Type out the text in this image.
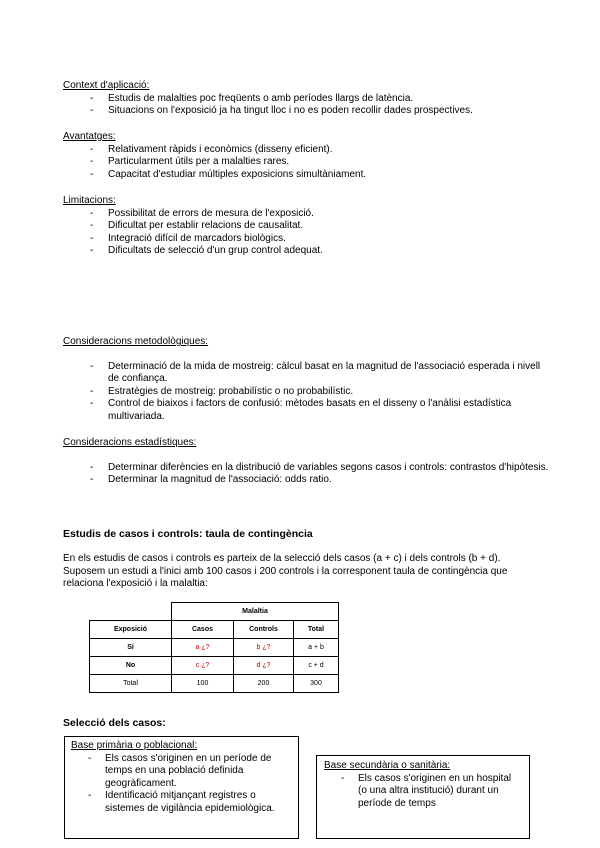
Context d'aplicació:
- Estudis de malalties poc freqüents o amb períodes llargs de latència.
- Situacions on l'exposició ja ha tingut lloc i no es poden recollir dades prospectives.
Avantatges:
- Relativament ràpids i econòmics (disseny eficient).
- Particularment útils per a malalties rares.
- Capacitat d'estudiar múltiples exposicions simultàniament.
Limitacions:
- Possibilitat de errors de mesura de l'exposició.
- Dificultat per establir relacions de causalitat.
- Integració difícil de marcadors biològics.
- Dificultats de selecció d'un grup control adequat.
Consideracions metodològiques:
- Determinació de la mida de mostreig: càlcul basat en la magnitud de l'associació esperada i nivell de confiança.
- Estratègies de mostreig: probabilístic o no probabilístic.
- Control de biaixos i factors de confusió: mètodes basats en el disseny o l'anàlisi estadística multivariada.
Consideracions estadístiques:
- Determinar diferències en la distribució de variables segons casos i controls: contrastos d'hipòtesis.
- Determinar la magnitud de l'associació: odds ratio.
Estudis de casos i controls: taula de contingència
En els estudis de casos i controls es parteix de la selecció dels casos (a + c) i dels controls (b + d). Suposem un estudi a l'inici amb 100 casos i 200 controls i la corresponent taula de contingència que relaciona l'exposició i la malaltia:
	Malaltia		
Exposició	Casos	Controls	Total
Sí	a ¿?	b ¿?	a + b
No	c ¿?	d ¿?	c + d
Total	100	200	300
Selecció dels casos:
Base primària o poblacional:
- Els casos s'originen en un període de temps en una població definida geogràficament.
- Identificació mitjançant registres o sistemes de vigilància epidemiològica.
Base secundària o sanitària:
- Els casos s'originen en un hospital (o una altra institució) durant un període de temps
